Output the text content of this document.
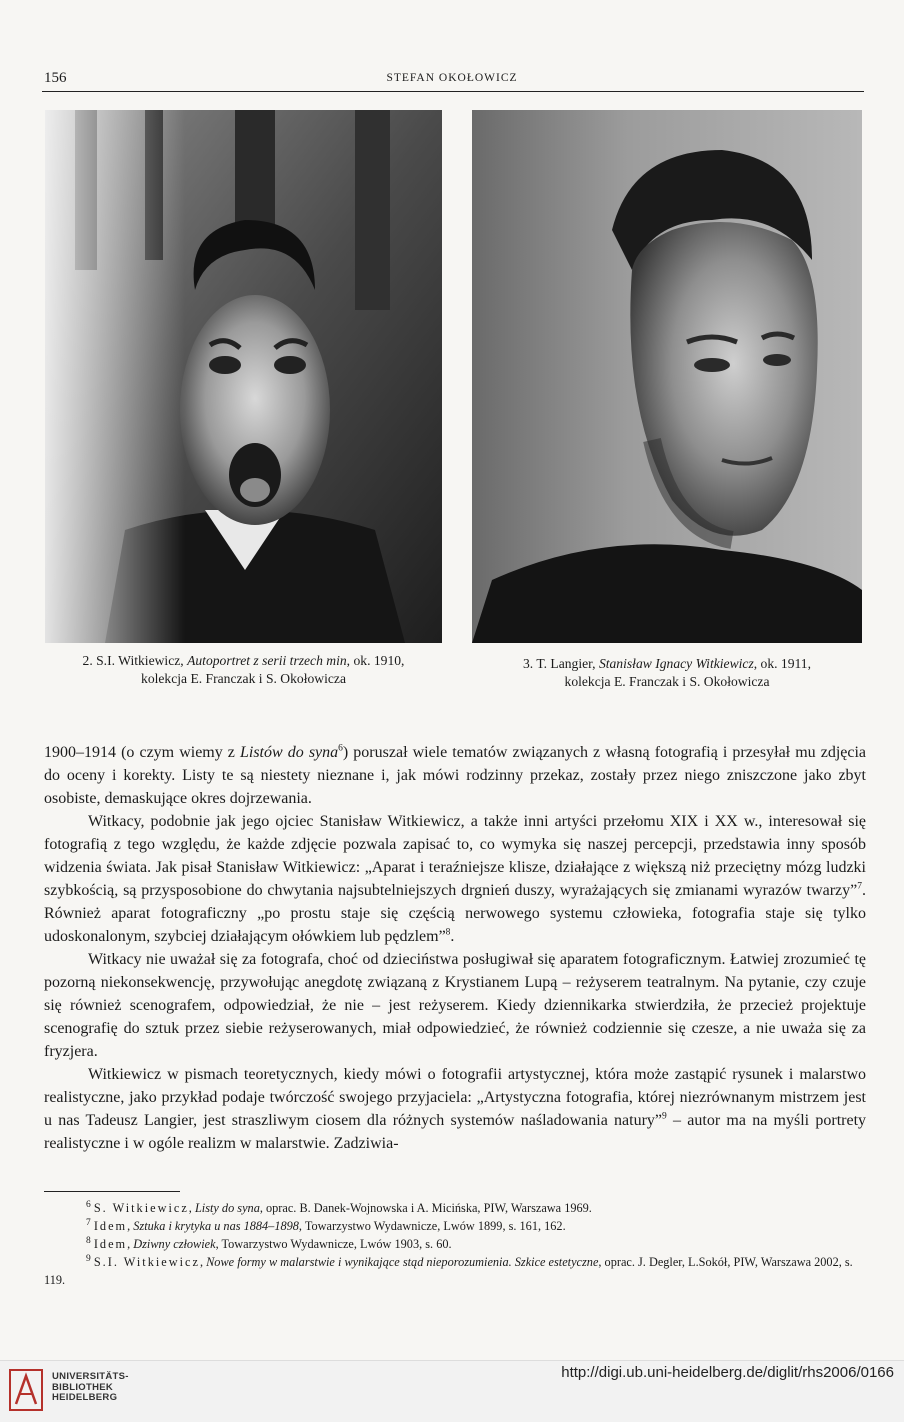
156	STEFAN OKOŁOWICZ
2. S.I. Witkiewicz, Autoportret z serii trzech min, ok. 1910,
kolekcja E. Franczak i S. Okołowicza
3. T. Langier, Stanisław Ignacy Witkiewicz, ok. 1911,
kolekcja E. Franczak i S. Okołowicza

1900–1914 (o czym wiemy z Listów do syna$^6$) poruszał wiele tematów związanych z własną fotografią i przesyłał mu zdjęcia do oceny i korekty. Listy te są niestety nieznane i, jak mówi rodzinny przekaz, zostały przez niego zniszczone jako zbyt osobiste, demaskujące okres dojrzewania.

Witkacy, podobnie jak jego ojciec Stanisław Witkiewicz, a także inni artyści przełomu XIX i XX w., interesował się fotografią z tego względu, że każde zdjęcie pozwala zapisać to, co wymyka się naszej percepcji, przedstawia inny sposób widzenia świata. Jak pisał Stanisław Witkiewicz: „Aparat i teraźniejsze klisze, działające z większą niż przeciętny mózg ludzki szybkością, są przysposobione do chwytania najsubtelniejszych drgnień duszy, wyrażających się zmianami wyrazów twarzy”$^7$. Również aparat fotograficzny „po prostu staje się częścią nerwowego systemu człowieka, fotografia staje się tylko udoskonalonym, szybciej działającym ołówkiem lub pędzlem”$^8$.

Witkacy nie uważał się za fotografa, choć od dzieciństwa posługiwał się aparatem fotograficznym. Łatwiej zrozumieć tę pozorną niekonsekwencję, przywołując anegdotę związaną z Krystianem Lupą – reżyserem teatralnym. Na pytanie, czy czuje się również scenografem, odpowiedział, że nie – jest reżyserem. Kiedy dziennikarka stwierdziła, że przecież projektuje scenografię do sztuk przez siebie reżyserowanych, miał odpowiedzieć, że również codziennie się czesze, a nie uważa się za fryzjera.

Witkiewicz w pismach teoretycznych, kiedy mówi o fotografii artystycznej, która może zastąpić rysunek i malarstwo realistyczne, jako przykład podaje twórczość swojego przyjaciela: „Artystyczna fotografia, której niezrównanym mistrzem jest u nas Tadeusz Langier, jest straszliwym ciosem dla różnych systemów naśladowania natury”$^9$ – autor ma na myśli portrety realistyczne i w ogóle realizm w malarstwie. Zadziwia-

$^6$ S. Witkiewicz, Listy do syna, oprac. B. Danek-Wojnowska i A. Micińska, PIW, Warszawa 1969.

$^7$ Idem, Sztuka i krytyka u nas 1884–1898, Towarzystwo Wydawnicze, Lwów 1899, s. 161, 162.

$^8$ Idem, Dziwny człowiek, Towarzystwo Wydawnicze, Lwów 1903, s. 60.

$^9$ S.I. Witkiewicz, Nowe formy w malarstwie i wynikające stąd nieporozumienia. Szkice estetyczne, oprac. J. Degler, L.Sokół, PIW, Warszawa 2002, s. 119.

UNIVERSITÄTS-
BIBLIOTHEK
HEIDELBERG
http://digi.ub.uni-heidelberg.de/diglit/rhs2006/0166
